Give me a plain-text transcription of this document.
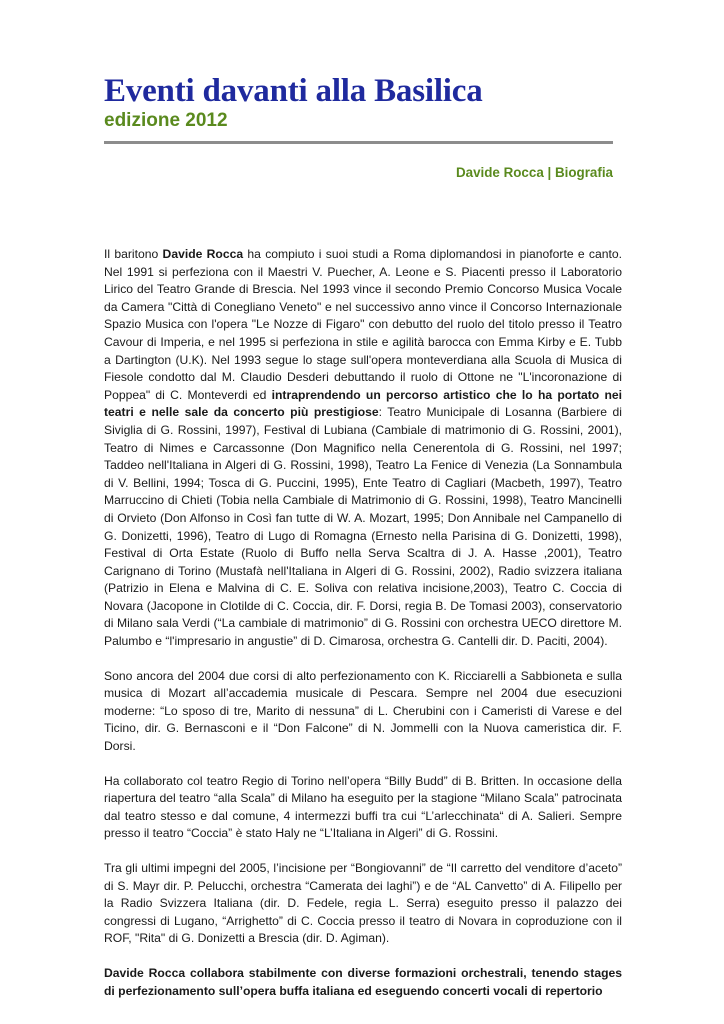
Eventi davanti alla Basilica
edizione 2012
Davide Rocca | Biografia

Il baritono Davide Rocca ha compiuto i suoi studi a Roma diplomandosi in pianoforte e canto. Nel 1991 si perfeziona con il Maestri V. Puecher, A. Leone e S. Piacenti presso il Laboratorio Lirico del Teatro Grande di Brescia. Nel 1993 vince il secondo Premio Concorso Musica Vocale da Camera "Città di Conegliano Veneto" e nel successivo anno vince il Concorso Internazionale Spazio Musica con l'opera "Le Nozze di Figaro" con debutto del ruolo del titolo presso il Teatro Cavour di Imperia, e nel 1995 si perfeziona in stile e agilità barocca con Emma Kirby e E. Tubb a Dartington (U.K). Nel 1993 segue lo stage sull'opera monteverdiana alla Scuola di Musica di Fiesole condotto dal M. Claudio Desderi debuttando il ruolo di Ottone ne "L'incoronazione di Poppea" di C. Monteverdi ed intraprendendo un percorso artistico che lo ha portato nei teatri e nelle sale da concerto più prestigiose: Teatro Municipale di Losanna (Barbiere di Siviglia di G. Rossini, 1997), Festival di Lubiana (Cambiale di matrimonio di G. Rossini, 2001), Teatro di Nimes e Carcassonne (Don Magnifico nella Cenerentola di G. Rossini, nel 1997; Taddeo nell'Italiana in Algeri di G. Rossini, 1998), Teatro La Fenice di Venezia (La Sonnambula di V. Bellini, 1994; Tosca di G. Puccini, 1995), Ente Teatro di Cagliari (Macbeth, 1997), Teatro Marruccino di Chieti (Tobia nella Cambiale di Matrimonio di G. Rossini, 1998), Teatro Mancinelli di Orvieto (Don Alfonso in Così fan tutte di W. A. Mozart, 1995; Don Annibale nel Campanello di G. Donizetti, 1996), Teatro di Lugo di Romagna (Ernesto nella Parisina di G. Donizetti, 1998), Festival di Orta Estate (Ruolo di Buffo nella Serva Scaltra di J. A. Hasse ,2001), Teatro Carignano di Torino (Mustafà nell'Italiana in Algeri di G. Rossini, 2002), Radio svizzera italiana (Patrizio in Elena e Malvina di C. E. Soliva con relativa incisione,2003), Teatro C. Coccia di Novara (Jacopone in Clotilde di C. Coccia, dir. F. Dorsi, regia B. De Tomasi 2003), conservatorio di Milano sala Verdi (“La cambiale di matrimonio” di G. Rossini con orchestra UECO direttore M. Palumbo e “l'impresario in angustie” di D. Cimarosa, orchestra G. Cantelli dir. D. Paciti, 2004).

Sono ancora del 2004 due corsi di alto perfezionamento con K. Ricciarelli a Sabbioneta e sulla musica di Mozart all’accademia musicale di Pescara. Sempre nel 2004 due esecuzioni moderne: “Lo sposo di tre, Marito di nessuna” di L. Cherubini con i Cameristi di Varese e del Ticino, dir. G. Bernasconi e il “Don Falcone” di N. Jommelli con la Nuova cameristica dir. F. Dorsi.

Ha collaborato col teatro Regio di Torino nell’opera “Billy Budd” di B. Britten. In occasione della riapertura del teatro “alla Scala” di Milano ha eseguito per la stagione “Milano Scala” patrocinata dal teatro stesso e dal comune, 4 intermezzi buffi tra cui “L’arlecchinata“ di A. Salieri. Sempre presso il teatro “Coccia” è stato Haly ne “L’Italiana in Algeri” di G. Rossini.

Tra gli ultimi impegni del 2005, l’incisione per “Bongiovanni” de “Il carretto del venditore d’aceto” di S. Mayr dir. P. Pelucchi, orchestra “Camerata dei laghi”) e de “AL Canvetto” di A. Filipello per la Radio Svizzera Italiana (dir. D. Fedele, regia L. Serra) eseguito presso il palazzo dei congressi di Lugano, “Arrighetto” di C. Coccia presso il teatro di Novara in coproduzione con il ROF, "Rita" di G. Donizetti a Brescia (dir. D. Agiman).

Davide Rocca collabora stabilmente con diverse formazioni orchestrali, tenendo stages di perfezionamento sull’opera buffa italiana ed eseguendo concerti vocali di repertorio
